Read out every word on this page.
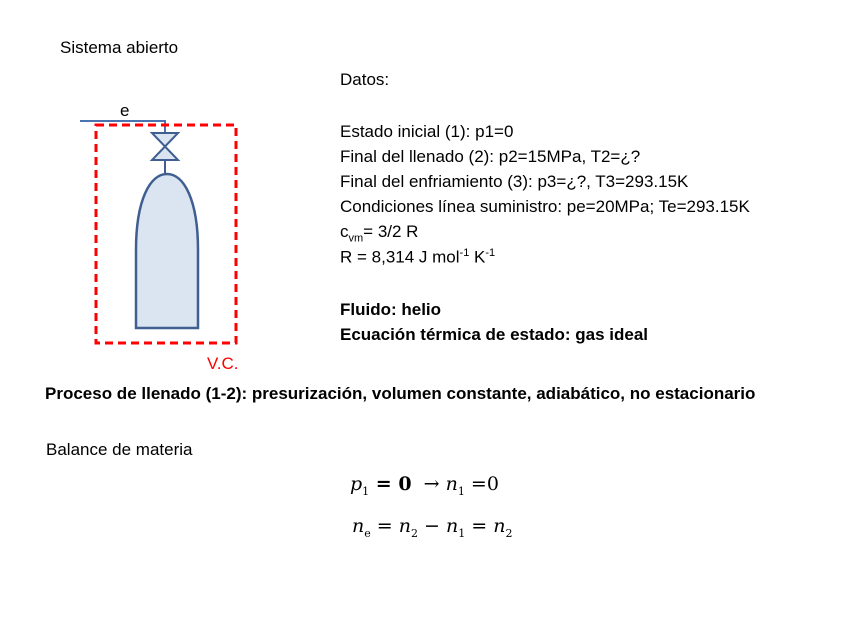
Sistema abierto
e
V.C.
Datos:
Estado inicial (1): p1=0
Final del llenado (2): p2=15MPa, T2=¿?
Final del enfriamiento (3): p3=¿?, T3=293.15K
Condiciones línea suministro: pe=20MPa; Te=293.15K
$c_{vm}= 3/2$ R
R = 8,314 J mol$^{-1}$ $K^{-1}$
Fluido: helio
Ecuación térmica de estado: gas ideal
Proceso de llenado (1-2): presurización, volumen constante, adiabático, no estacionario
Balance de materia
$p_1 = 0 \to n_1 =0$
$n_e = n_2 - n_1 = n_2$
